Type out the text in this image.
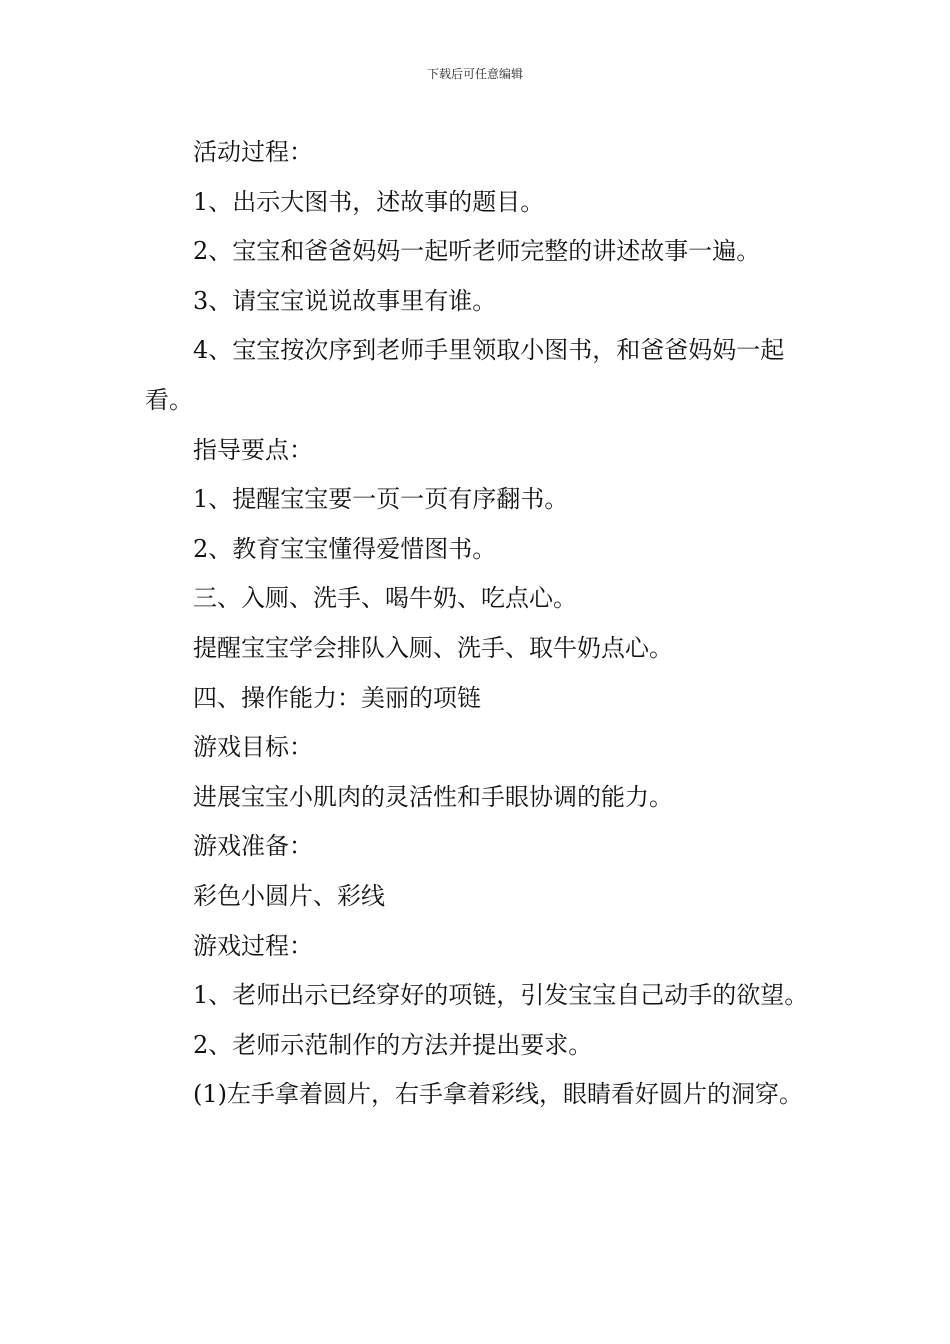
下载后可任意编辑

活动过程：

1、出示大图书，述故事的题目。

2、宝宝和爸爸妈妈一起听老师完整的讲述故事一遍。

3、请宝宝说说故事里有谁。

4、宝宝按次序到老师手里领取小图书，和爸爸妈妈一起看。

指导要点：

1、提醒宝宝要一页一页有序翻书。

2、教育宝宝懂得爱惜图书。

三、入厕、洗手、喝牛奶、吃点心。

提醒宝宝学会排队入厕、洗手、取牛奶点心。

四、操作能力：美丽的项链

游戏目标：

进展宝宝小肌肉的灵活性和手眼协调的能力。

游戏准备：

彩色小圆片、彩线

游戏过程：

1、老师出示已经穿好的项链，引发宝宝自己动手的欲望。

2、老师示范制作的方法并提出要求。

(1)左手拿着圆片，右手拿着彩线，眼睛看好圆片的洞穿。
